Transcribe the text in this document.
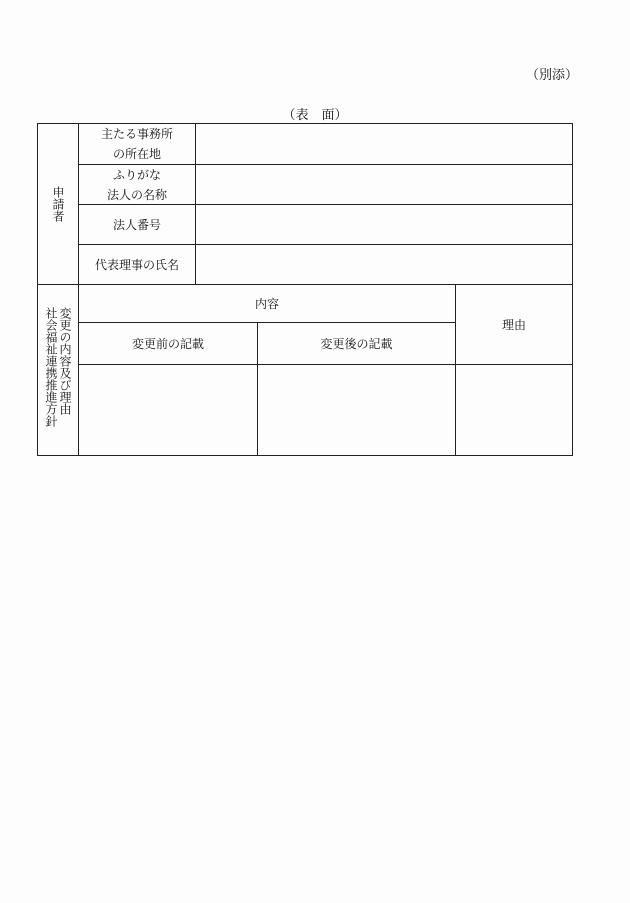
（別添）
（表　面）
申請者
主たる事務所
の所在地
ふりがな
法人の名称
法人番号
代表理事の氏名
社会福祉連携推進方針 変更の内容及び理由
内容
理由
変更前の記載	変更後の記載
